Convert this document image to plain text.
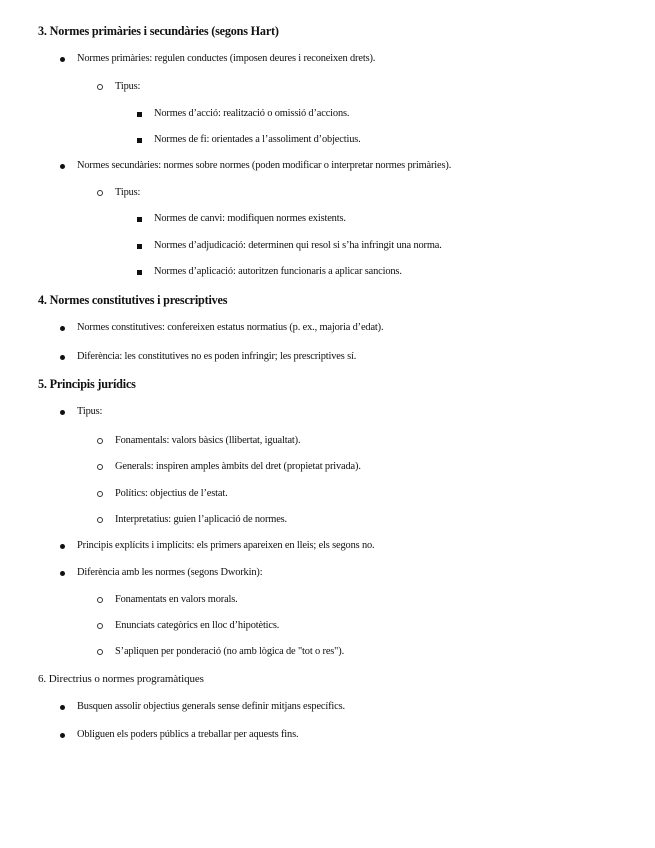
3. Normes primàries i secundàries (segons Hart)
Normes primàries: regulen conductes (imposen deures i reconeixen drets).
Tipus:
Normes d’acció: realització o omissió d’accions.
Normes de fi: orientades a l’assoliment d’objectius.
Normes secundàries: normes sobre normes (poden modificar o interpretar normes primàries).
Tipus:
Normes de canvi: modifiquen normes existents.
Normes d’adjudicació: determinen qui resol si s’ha infringit una norma.
Normes d’aplicació: autoritzen funcionaris a aplicar sancions.
4. Normes constitutives i prescriptives
Normes constitutives: confereixen estatus normatius (p. ex., majoria d’edat).
Diferència: les constitutives no es poden infringir; les prescriptives sí.
5. Principis jurídics
Tipus:
Fonamentals: valors bàsics (llibertat, igualtat).
Generals: inspiren amples àmbits del dret (propietat privada).
Polítics: objectius de l’estat.
Interpretatius: guien l’aplicació de normes.
Principis explícits i implícits: els primers apareixen en lleis; els segons no.
Diferència amb les normes (segons Dworkin):
Fonamentats en valors morals.
Enunciats categòrics en lloc d’hipotètics.
S’apliquen per ponderació (no amb lògica de "tot o res").
6. Directrius o normes programàtiques
Busquen assolir objectius generals sense definir mitjans específics.
Obliguen els poders públics a treballar per aquests fins.
